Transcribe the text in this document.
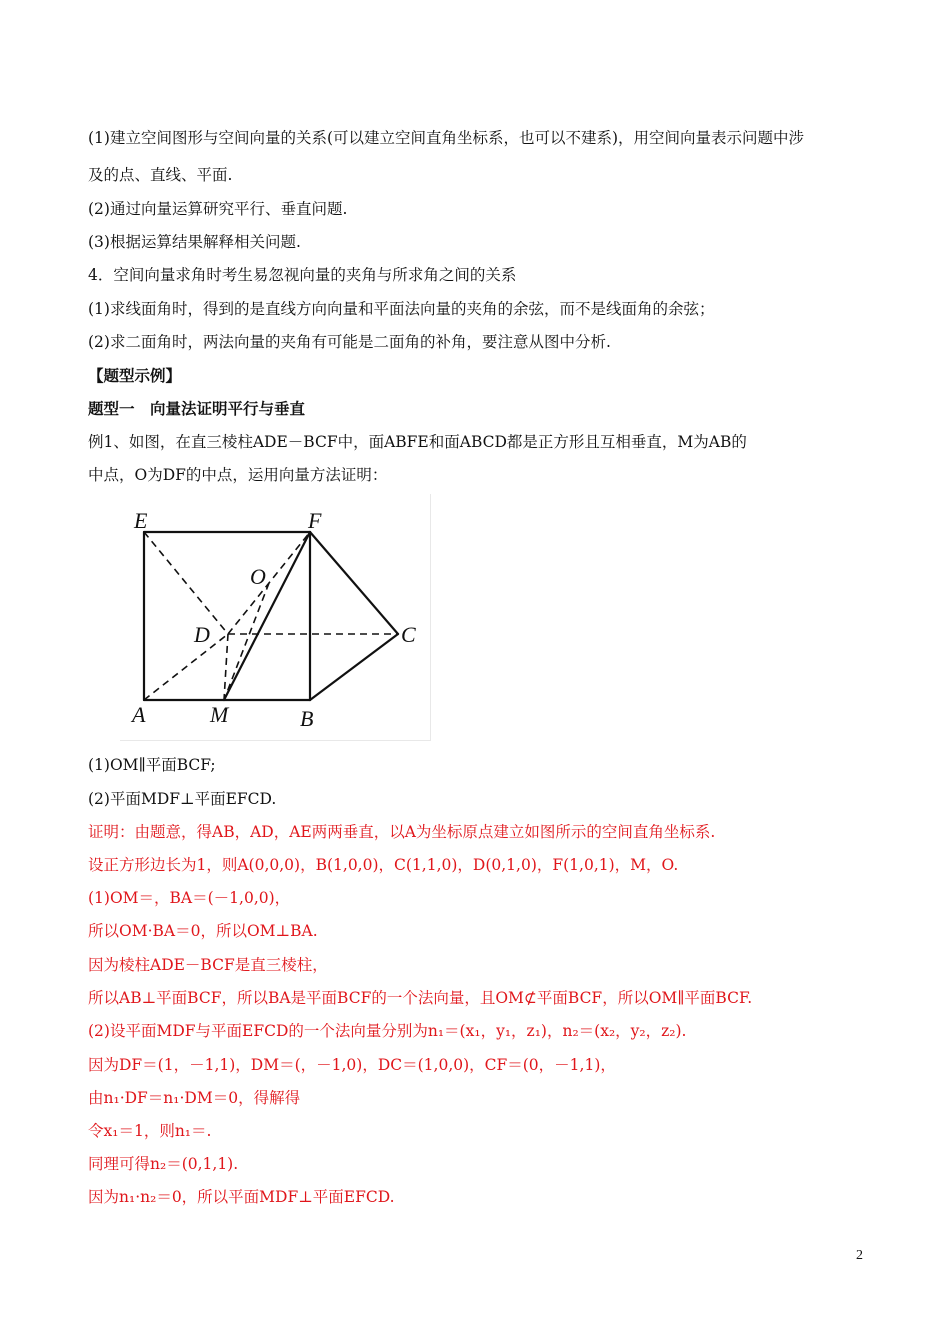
(1)建立空间图形与空间向量的关系(可以建立空间直角坐标系，也可以不建系)，用空间向量表示问题中涉
及的点、直线、平面.
(2)通过向量运算研究平行、垂直问题.
(3)根据运算结果解释相关问题.
4．空间向量求角时考生易忽视向量的夹角与所求角之间的关系
(1)求线面角时，得到的是直线方向向量和平面法向量的夹角的余弦，而不是线面角的余弦；
(2)求二面角时，两法向量的夹角有可能是二面角的补角，要注意从图中分析.
【题型示例】
题型一　向量法证明平行与垂直
例1、如图，在直三棱柱ADE－BCF中，面ABFE和面ABCD都是正方形且互相垂直，M为AB的
中点，O为DF的中点，运用向量方法证明：
E	F
O
D	C
A	M	B
(1)OM∥平面BCF;
(2)平面MDF⊥平面EFCD.
证明：由题意，得AB，AD，AE两两垂直，以A为坐标原点建立如图所示的空间直角坐标系.
设正方形边长为1，则A(0,0,0)，B(1,0,0)，C(1,1,0)，D(0,1,0)，F(1,0,1)，M，O.
(1)OM＝，BA＝(－1,0,0)，
所以OM·BA＝0，所以OM⊥BA.
因为棱柱ADE－BCF是直三棱柱，
所以AB⊥平面BCF，所以BA是平面BCF的一个法向量，且OM⊄平面BCF，所以OM∥平面BCF.
(2)设平面MDF与平面EFCD的一个法向量分别为n₁＝(x₁，y₁，z₁)，n₂＝(x₂，y₂，z₂).
因为DF＝(1，－1,1)，DM＝(，－1,0)，DC＝(1,0,0)，CF＝(0，－1,1)，
由n₁·DF＝n₁·DM＝0，得解得
令x₁＝1，则n₁＝.
同理可得n₂＝(0,1,1).
因为n₁·n₂＝0，所以平面MDF⊥平面EFCD.
2
